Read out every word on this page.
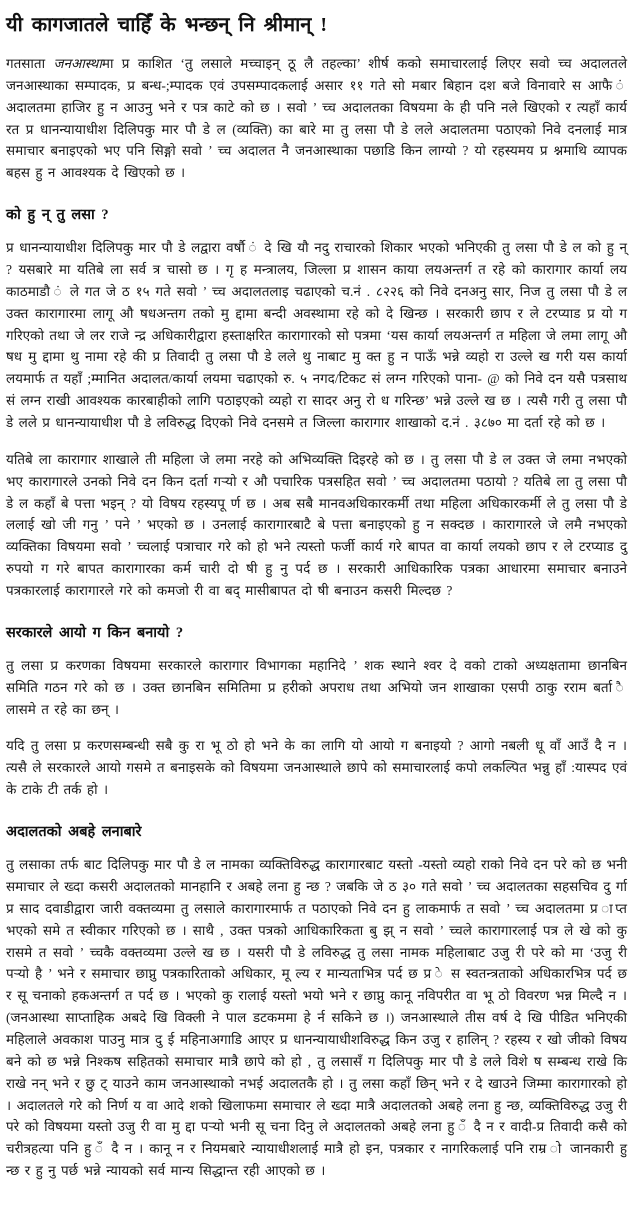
यी कागजातले चाहिँ के भन्छन् नि श्रीमान् !

गतसाता जनआस्थामा प्र काशित ‘तु लसाले मच्चाइन् ठू लै तहल्का’ शीर्ष कको समाचारलाई लिएर सवो च्च अदालतले जनआस्थाका सम्पादक, प्र बन्ध-;म्पादक एवं उपसम्पादकलाई असार ११ गते सो मबार बिहान दश बजे विनावारे स आफै ं अदालतमा हाजिर हु न आउनु भने र पत्र काटे को छ । सवो ’ च्च अदालतका विषयमा के ही पनि नले खिएको र त्यहाँ कार्य रत प्र धानन्यायाधीश दिलिपकु मार पौ डे ल (व्यक्ति) का बारे मा तु लसा पौ डे लले अदालतमा पठाएको निवे दनलाई मात्र समाचार बनाइएको भए पनि सिङ्गो सवो ’ च्च अदालत नै जनआस्थाका पछाडि किन लाग्यो ? यो रहस्यमय प्र श्नमाथि व्यापक बहस हु न आवश्यक दे खिएको छ ।

को हु न् तु लसा ?

प्र धानन्यायाधीश दिलिपकु मार पौ डे लद्वारा वर्षौ ं दे खि यौ नदु राचारको शिकार भएको भनिएकी तु लसा पौ डे ल को हु न् ? यसबारे मा यतिबे ला सर्व त्र चासो छ । गृ ह मन्त्रालय, जिल्ला प्र शासन काया लयअन्तर्ग त रहे को कारागार कार्या लय काठमाडौ ं ले गत जे ठ १५ गते सवो ’ च्च अदालतलाइ चढाएको च.नं . ८२२६ को निवे दनअनु सार, निज तु लसा पौ डे ल उक्त कारागारमा लागू औ षधअन्तग तको मु द्दामा बन्दी अवस्थामा रहे को दे खिन्छ । सरकारी छाप र ले टरप्याड प्र यो ग गरिएको तथा जे लर राजे न्द्र अधिकारीद्वारा हस्ताक्षरित कारागारको सो पत्रमा ‘यस कार्या लयअन्तर्ग त महिला जे लमा लागू औ षध मु द्दामा थु नामा रहे की प्र तिवादी तु लसा पौ डे लले थु नाबाट मु क्त हु न पाऊँ भन्ने व्यहो रा उल्ले ख गरी यस कार्या लयमार्फ त यहाँ ;म्मानित अदालत/कार्या लयमा चढाएको रु. ५ नगद/टिकट सं लग्न गरिएको पाना- @ को निवे दन यसै पत्रसाथ सं लग्न राखी आवश्यक कारबाहीको लागि पठाइएको व्यहो रा सादर अनु रो ध गरिन्छ’ भन्ने उल्ले ख छ । त्यसै गरी तु लसा पौ डे लले प्र धानन्यायाधीश पौ डे लविरुद्ध दिएको निवे दनसमे त जिल्ला कारागार शाखाको द.नं . ३८७० मा दर्ता रहे को छ ।

यतिबे ला कारागार शाखाले ती महिला जे लमा नरहे को अभिव्यक्ति दिइरहे को छ । तु लसा पौ डे ल उक्त जे लमा नभएको भए कारागारले उनको निवे दन किन दर्ता गऱ्यो र औ पचारिक पत्रसहित सवो ’ च्च अदालतमा पठायो ? यतिबे ला तु लसा पौ डे ल कहाँ बे पत्ता भइन् ? यो विषय रहस्यपू र्ण छ । अब सबै मानवअधिकारकर्मी तथा महिला अधिकारकर्मी ले तु लसा पौ डे ललाई खो जी गनु ’ पने ’ भएको छ । उनलाई कारागारबाटै बे पत्ता बनाइएको हु न सक्दछ । कारागारले जे लमै नभएको व्यक्तिका विषयमा सवो ’ च्चलाई पत्राचार गरे को हो भने त्यस्तो फर्जी कार्य गरे बापत वा कार्या लयको छाप र ले टरप्याड दु रुपयो ग गरे बापत कारागारका कर्म चारी दो षी हु नु पर्द छ । सरकारी आधिकारिक पत्रका आधारमा समाचार बनाउने पत्रकारलाई कारागारले गरे को कमजो री वा बद् मासीबापत दो षी बनाउन कसरी मिल्दछ ?

सरकारले आयो ग किन बनायो ?

तु लसा प्र करणका विषयमा सरकारले कारागार विभागका महानिदे ’ शक स्थाने श्वर दे वको टाको अध्यक्षतामा छानबिन समिति गठन गरे को छ । उक्त छानबिन समितिमा प्र हरीको अपराध तथा अभियो जन शाखाका एसपी ठाकु रराम बर्ता ै लासमे त रहे का छन् ।

यदि तु लसा प्र करणसम्बन्धी सबै कु रा भू ठो हो भने के का लागि यो आयो ग बनाइयो ? आगो नबली धू वाँ आउँ दै न । त्यसै ले सरकारले आयो गसमे त बनाइसके को विषयमा जनआस्थाले छापे को समाचारलाई कपो लकल्पित भन्नु हाँ :यास्पद एवं के टाके टी तर्क हो ।

अदालतको अबहे लनाबारे

तु लसाका तर्फ बाट दिलिपकु मार पौ डे ल नामका व्यक्तिविरुद्ध कारागारबाट यस्तो -यस्तो व्यहो राको निवे दन परे को छ भनी समाचार ले ख्दा कसरी अदालतको मानहानि र अबहे लना हु न्छ ? जबकि जे ठ ३० गते सवो ’ च्च अदालतका सहसचिव दु र्गा प्र साद दवाडीद्वारा जारी वक्तव्यमा तु लसाले कारागारमार्फ त पठाएको निवे दन हु लाकमार्फ त सवो ’ च्च अदालतमा प्र ाप्त भएको समे त स्वीकार गरिएको छ । साथै , उक्त पत्रको आधिकारिकता बु झ् न सवो ’ च्चले कारागारलाई पत्र ले खे को कु रासमे त सवो ’ च्चकै वक्तव्यमा उल्ले ख छ । यसरी पौ डे लविरुद्ध तु लसा नामक महिलाबाट उजु री परे को मा ‘उजु री पऱ्यो है ’ भने र समाचार छाप्नु पत्रकारिताको अधिकार, मू ल्य र मान्यताभित्र पर्द छ प्र े स स्वतन्त्रताको अधिकारभित्र पर्द छ र सू चनाको हकअन्तर्ग त पर्द छ । भएको कु रालाई यस्तो भयो भने र छाप्नु कानू नविपरीत वा भू ठो विवरण भन्न मिल्दै न । (जनआस्था साप्ताहिक अबदे खि विक्ली ने पाल डटकममा हे र्न सकिने छ ।) जनआस्थाले तीस वर्ष दे खि पीडित भनिएकी महिलाले अवकाश पाउनु मात्र दु ई महिनाअगाडि आएर प्र धानन्यायाधीशविरुद्ध किन उजु र हालिन् ? रहस्य र खो जीको विषय बने को छ भन्ने निश्कष सहितको समाचार मात्रै छापे को हो , तु लसासँ ग दिलिपकु मार पौ डे लले विशे ष सम्बन्ध राखे कि राखे नन् भने र छु ट् याउने काम जनआस्थाको नभई अदालतकै हो । तु लसा कहाँ छिन् भने र दे खाउने जिम्मा कारागारको हो । अदालतले गरे को निर्ण य वा आदे शको खिलाफमा समाचार ले ख्दा मात्रै अदालतको अबहे लना हु न्छ, व्यक्तिविरुद्ध उजु री परे को विषयमा यस्तो उजु री वा मु द्दा पऱ्यो भनी सू चना दिनु ले अदालतको अबहे लना हु ँ दै न र वादी-प्र तिवादी कसै को चरीत्रहत्या पनि हु ँ दै न । कानू न र नियमबारे न्यायाधीशलाई मात्रै हो इन, पत्रकार र नागरिकलाई पनि राम्र ो जानकारी हु न्छ र हु नु पर्छ भन्ने न्यायको सर्व मान्य सिद्धान्त रही आएको छ ।
